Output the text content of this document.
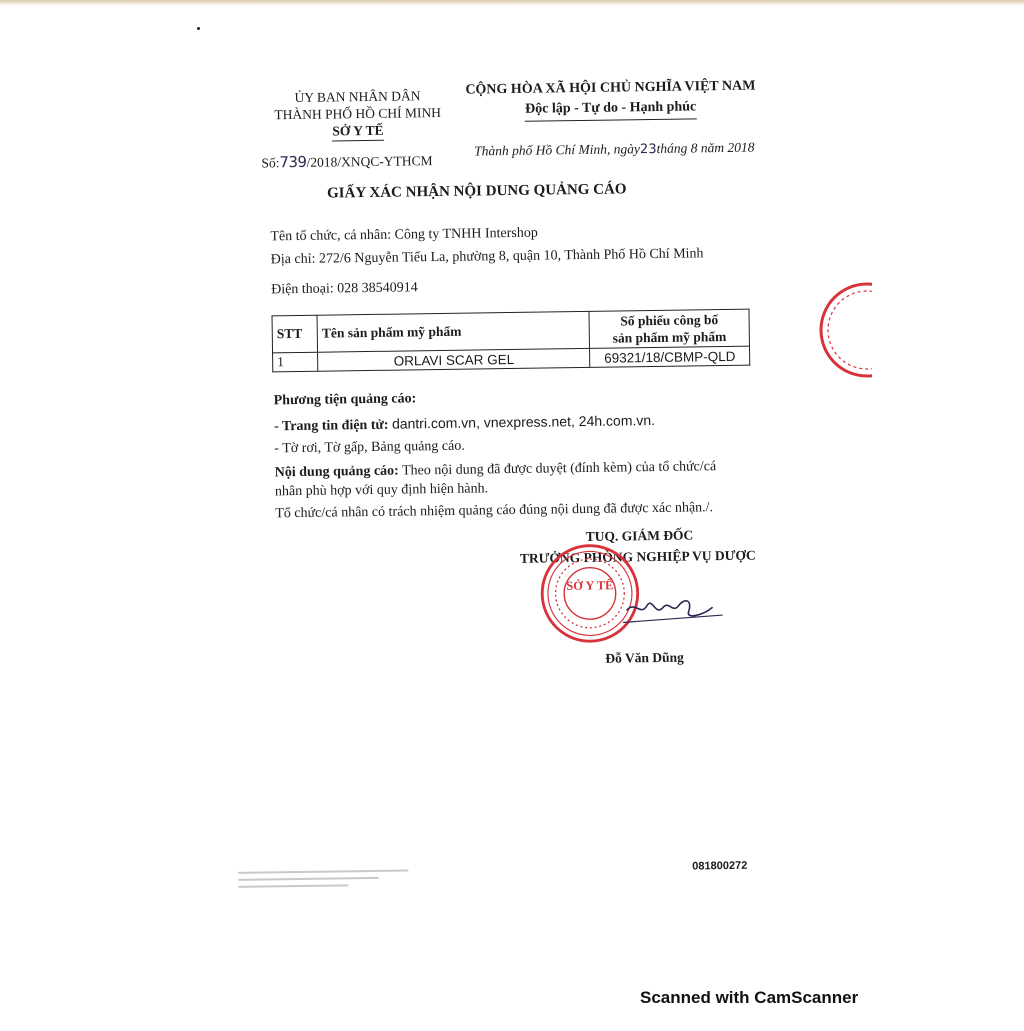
ỦY BAN NHÂN DÂN
THÀNH PHỐ HỒ CHÍ MINH
SỞ Y TẾ
CỘNG HÒA XÃ HỘI CHỦ NGHĨA VIỆT NAM
Độc lập - Tự do - Hạnh phúc
Số:739/2018/XNQC-YTHCM
Thành phố Hồ Chí Minh, ngày23tháng 8 năm 2018
GIẤY XÁC NHẬN NỘI DUNG QUẢNG CÁO
Tên tổ chức, cá nhân: Công ty TNHH Intershop
Địa chỉ: 272/6 Nguyễn Tiểu La, phường 8, quận 10, Thành Phố Hồ Chí Minh
Điện thoại: 028 38540914
STT	Tên sản phẩm mỹ phẩm	Số phiếu công bố
sản phẩm mỹ phẩm

1	ORLAVI SCAR GEL	69321/18/CBMP-QLD
Phương tiện quảng cáo:
- Trang tin điện tử: dantri.com.vn, vnexpress.net, 24h.com.vn.
- Tờ rơi, Tờ gấp, Bảng quảng cáo.
Nội dung quảng cáo: Theo nội dung đã được duyệt (đính kèm) của tổ chức/cá
nhân phù hợp với quy định hiện hành.
Tổ chức/cá nhân có trách nhiệm quảng cáo đúng nội dung đã được xác nhận./.
TUQ. GIÁM ĐỐC
TRƯỞNG PHÒNG NGHIỆP VỤ DƯỢC
SỞ Y TẾ
Đỗ Văn Dũng
081800272
Scanned with CamScanner
